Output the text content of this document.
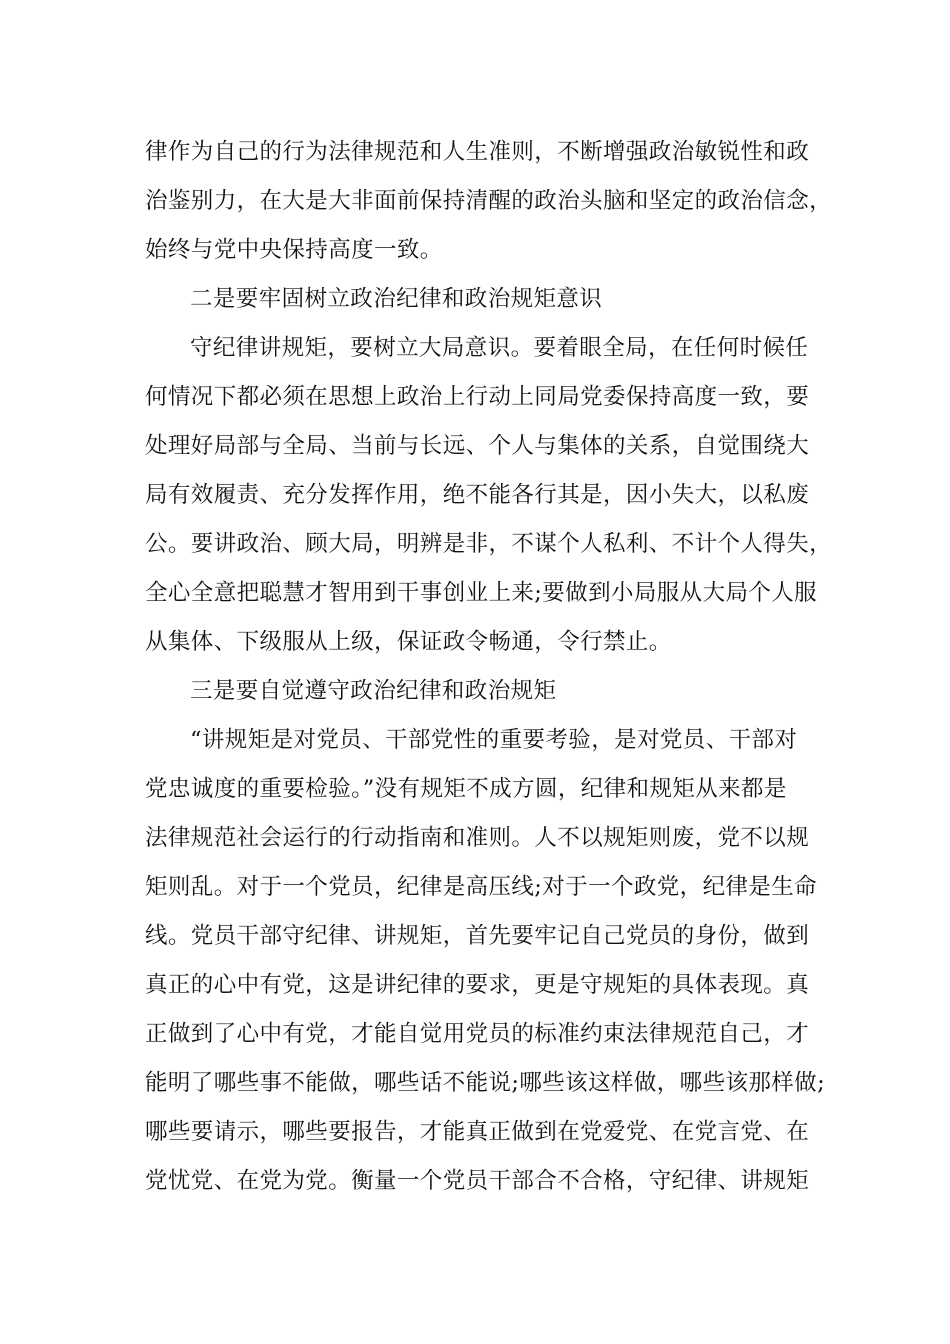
律作为自己的行为法律规范和人生准则，不断增强政治敏锐性和政
治鉴别力，在大是大非面前保持清醒的政治头脑和坚定的政治信念，
始终与党中央保持高度一致。
二是要牢固树立政治纪律和政治规矩意识
守纪律讲规矩，要树立大局意识。要着眼全局，在任何时候任
何情况下都必须在思想上政治上行动上同局党委保持高度一致，要
处理好局部与全局、当前与长远、个人与集体的关系，自觉围绕大
局有效履责、充分发挥作用，绝不能各行其是，因小失大，以私废
公。要讲政治、顾大局，明辨是非，不谋个人私利、不计个人得失，
全心全意把聪慧才智用到干事创业上来;要做到小局服从大局个人服
从集体、下级服从上级，保证政令畅通，令行禁止。
三是要自觉遵守政治纪律和政治规矩
“讲规矩是对党员、干部党性的重要考验，是对党员、干部对
党忠诚度的重要检验。”没有规矩不成方圆，纪律和规矩从来都是
法律规范社会运行的行动指南和准则。人不以规矩则废，党不以规
矩则乱。对于一个党员，纪律是高压线;对于一个政党，纪律是生命
线。党员干部守纪律、讲规矩，首先要牢记自己党员的身份，做到
真正的心中有党，这是讲纪律的要求，更是守规矩的具体表现。真
正做到了心中有党，才能自觉用党员的标准约束法律规范自己，才
能明了哪些事不能做，哪些话不能说;哪些该这样做，哪些该那样做;
哪些要请示，哪些要报告，才能真正做到在党爱党、在党言党、在
党忧党、在党为党。衡量一个党员干部合不合格，守纪律、讲规矩
